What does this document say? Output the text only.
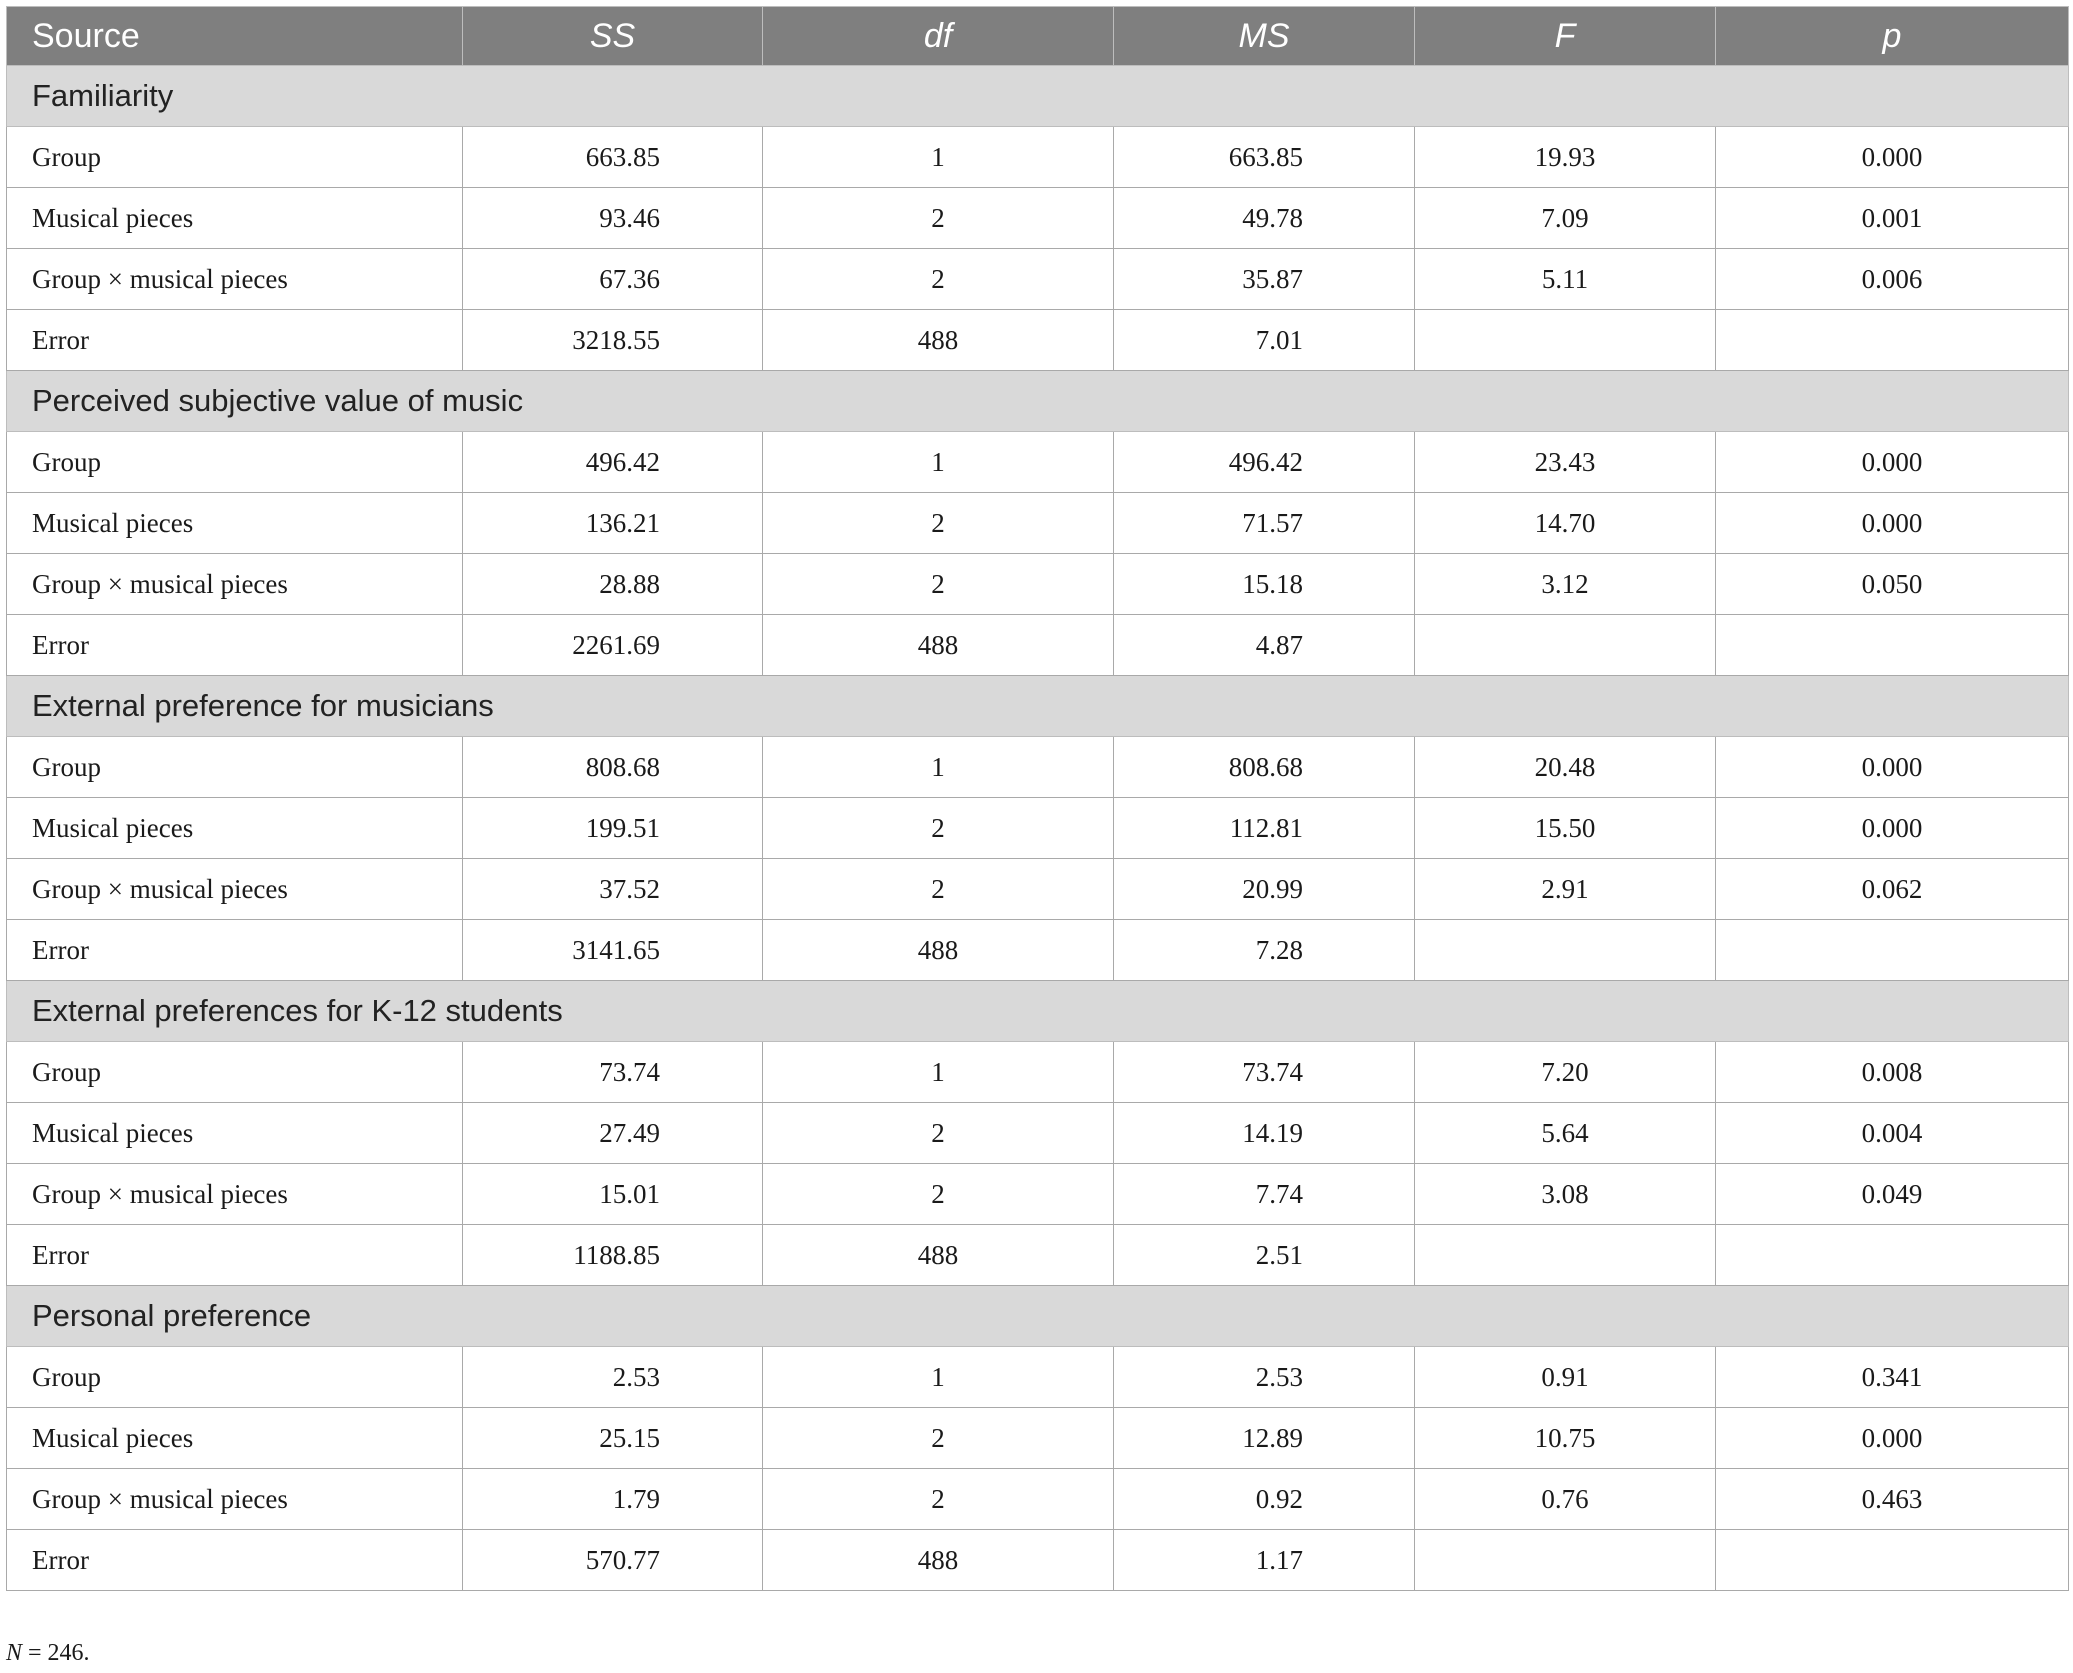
Source	SS	df	MS	F	p
Familiarity					
Group	663.85	1	663.85	19.93	0.000
Musical pieces	93.46	2	49.78	7.09	0.001
Group × musical pieces	67.36	2	35.87	5.11	0.006
Error	3218.55	488	7.01		
Perceived subjective value of music					
Group	496.42	1	496.42	23.43	0.000
Musical pieces	136.21	2	71.57	14.70	0.000
Group × musical pieces	28.88	2	15.18	3.12	0.050
Error	2261.69	488	4.87		
External preference for musicians					
Group	808.68	1	808.68	20.48	0.000
Musical pieces	199.51	2	112.81	15.50	0.000
Group × musical pieces	37.52	2	20.99	2.91	0.062
Error	3141.65	488	7.28		
External preferences for K-12 students					
Group	73.74	1	73.74	7.20	0.008
Musical pieces	27.49	2	14.19	5.64	0.004
Group × musical pieces	15.01	2	7.74	3.08	0.049
Error	1188.85	488	2.51		
Personal preference					
Group	2.53	1	2.53	0.91	0.341
Musical pieces	25.15	2	12.89	10.75	0.000
Group × musical pieces	1.79	2	0.92	0.76	0.463
Error	570.77	488	1.17		
N = 246.
